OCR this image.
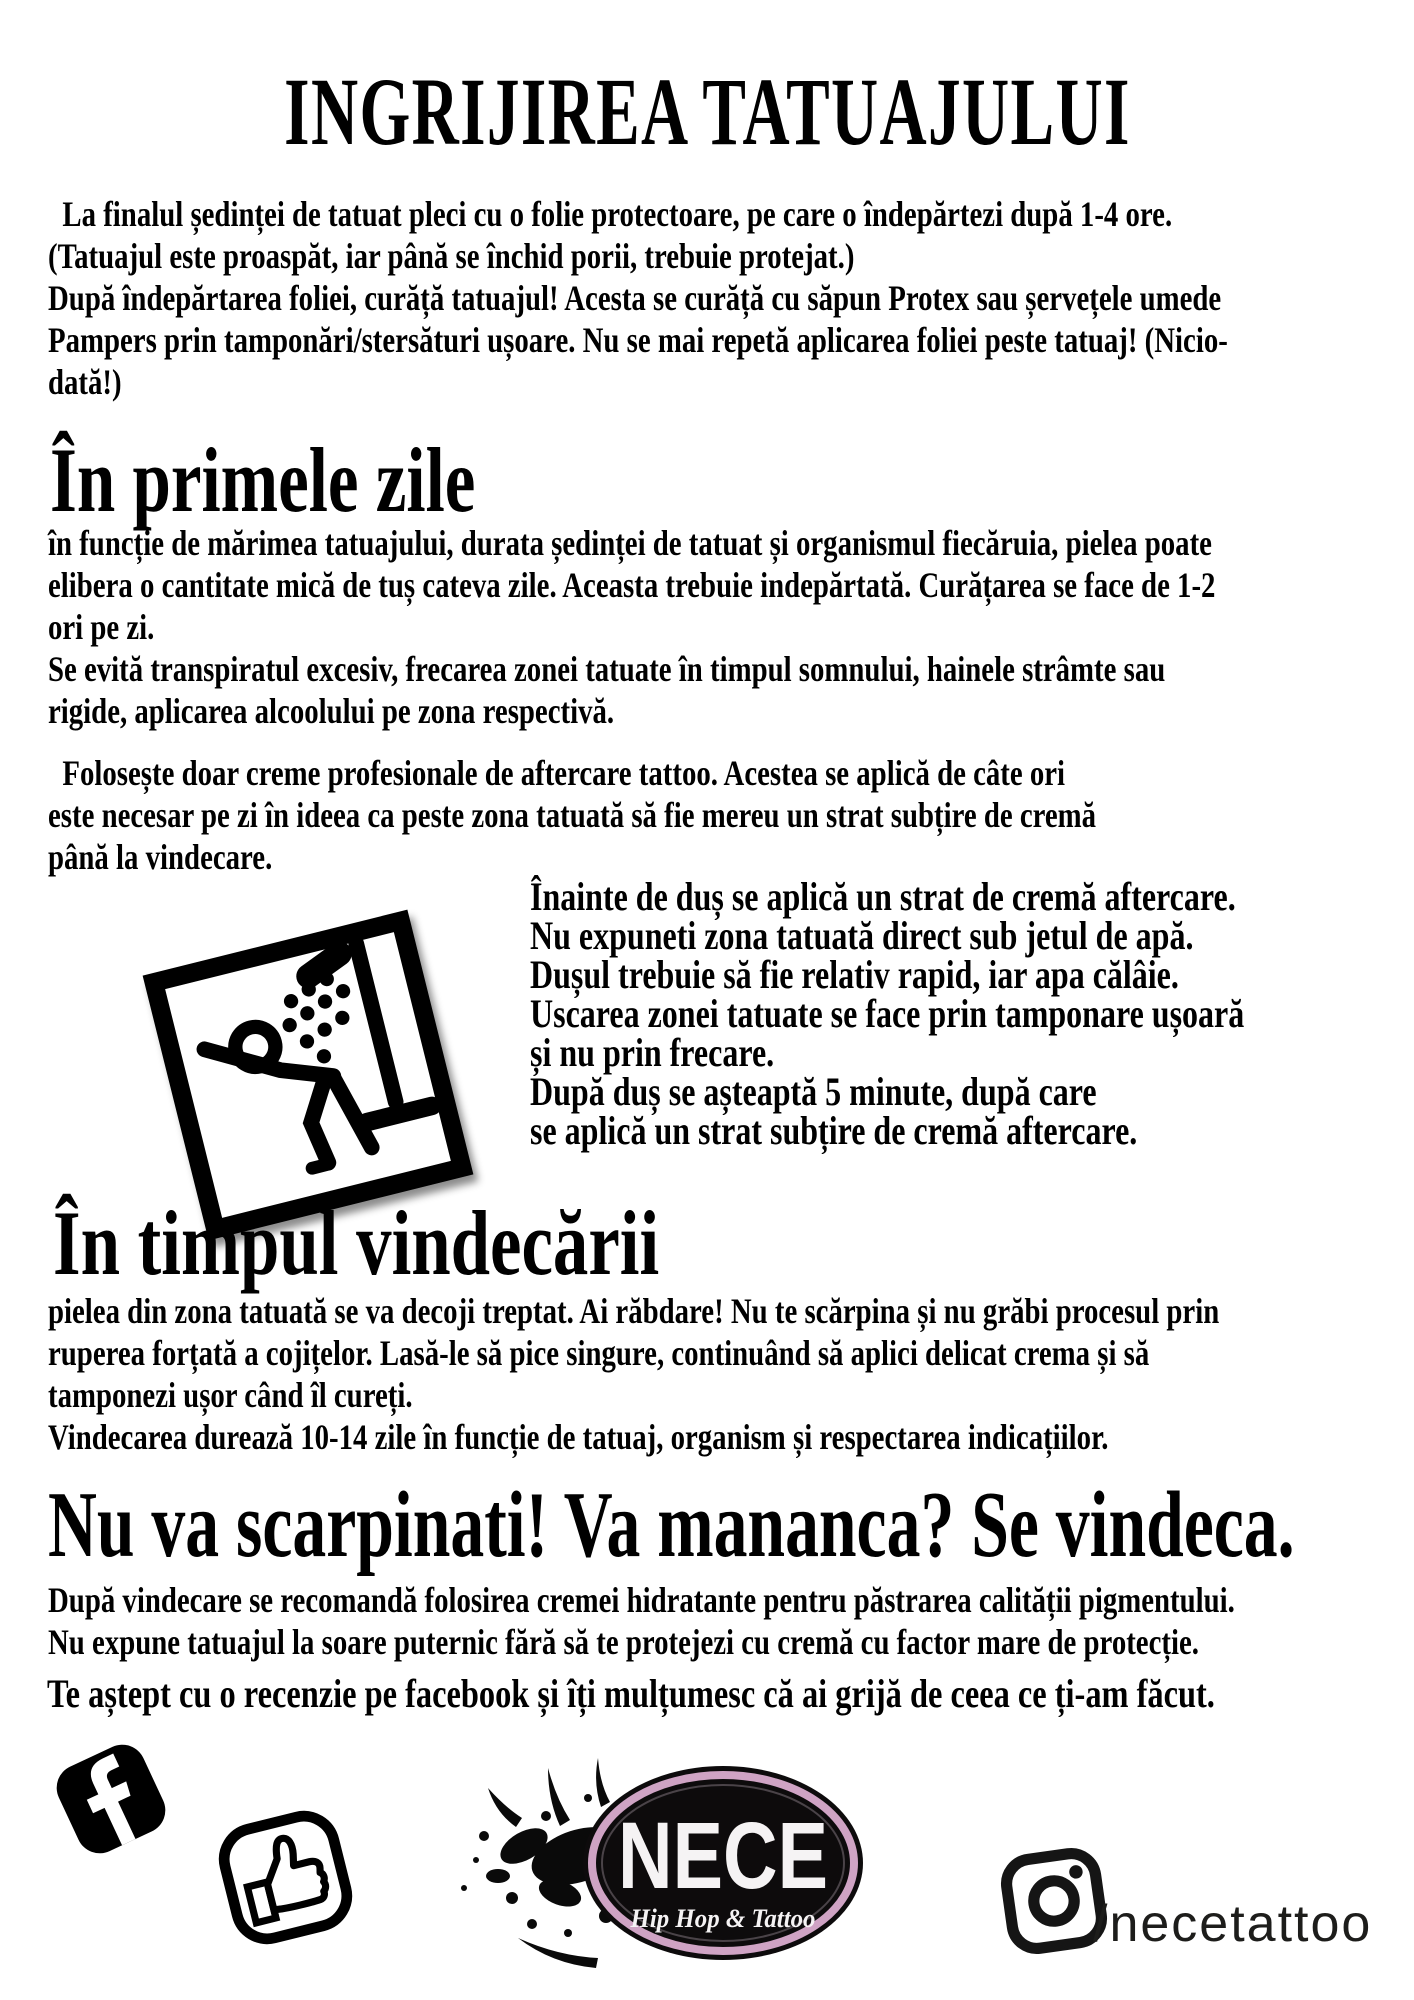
INGRIJIREA TATUAJULUI
La finalul ședinței de tatuat pleci cu o folie protectoare, pe care o îndepărtezi după 1-4 ore.
(Tatuajul este proaspăt, iar până se închid porii, trebuie protejat.)
După îndepărtarea foliei, curăță tatuajul! Acesta se curăță cu săpun Protex sau șervețele umede
Pampers prin tamponări/stersături ușoare. Nu se mai repetă aplicarea foliei peste tatuaj! (Nicio-
dată!)
În primele zile
în funcție de mărimea tatuajului, durata ședinței de tatuat și organismul fiecăruia, pielea poate
elibera o cantitate mică de tuș cateva zile. Aceasta trebuie indepărtată. Curățarea se face de 1-2
ori pe zi.
Se evită transpiratul excesiv, frecarea zonei tatuate în timpul somnului, hainele strâmte sau
rigide, aplicarea alcoolului pe zona respectivă.
Folosește doar creme profesionale de aftercare tattoo. Acestea se aplică de câte ori
este necesar pe zi în ideea ca peste zona tatuată să fie mereu un strat subțire de cremă
până la vindecare.
Înainte de duș se aplică un strat de cremă aftercare.
Nu expuneti zona tatuată direct sub jetul de apă.
Dușul trebuie să fie relativ rapid, iar apa călâie.
Uscarea zonei tatuate se face prin tamponare ușoară
și nu prin frecare.
După duș se așteaptă 5 minute, după care
se aplică un strat subțire de cremă aftercare.
În timpul vindecării
pielea din zona tatuată se va decoji treptat. Ai răbdare! Nu te scărpina și nu grăbi procesul prin
ruperea forțată a cojițelor. Lasă-le să pice singure, continuând să aplici delicat crema și să
tamponezi ușor când îl cureți.
Vindecarea durează 10-14 zile în funcție de tatuaj, organism și respectarea indicațiilor.
Nu va scarpinati! Va mananca? Se vindeca.
După vindecare se recomandă folosirea cremei hidratante pentru păstrarea calității pigmentului.
Nu expune tatuajul la soare puternic fără să te protejezi cu cremă cu factor mare de protecție.
Te aștept cu o recenzie pe facebook și îți mulțumesc că ai grijă de ceea ce ți-am făcut.
NECE
Hip Hop & Tattoo	/necetattoo
